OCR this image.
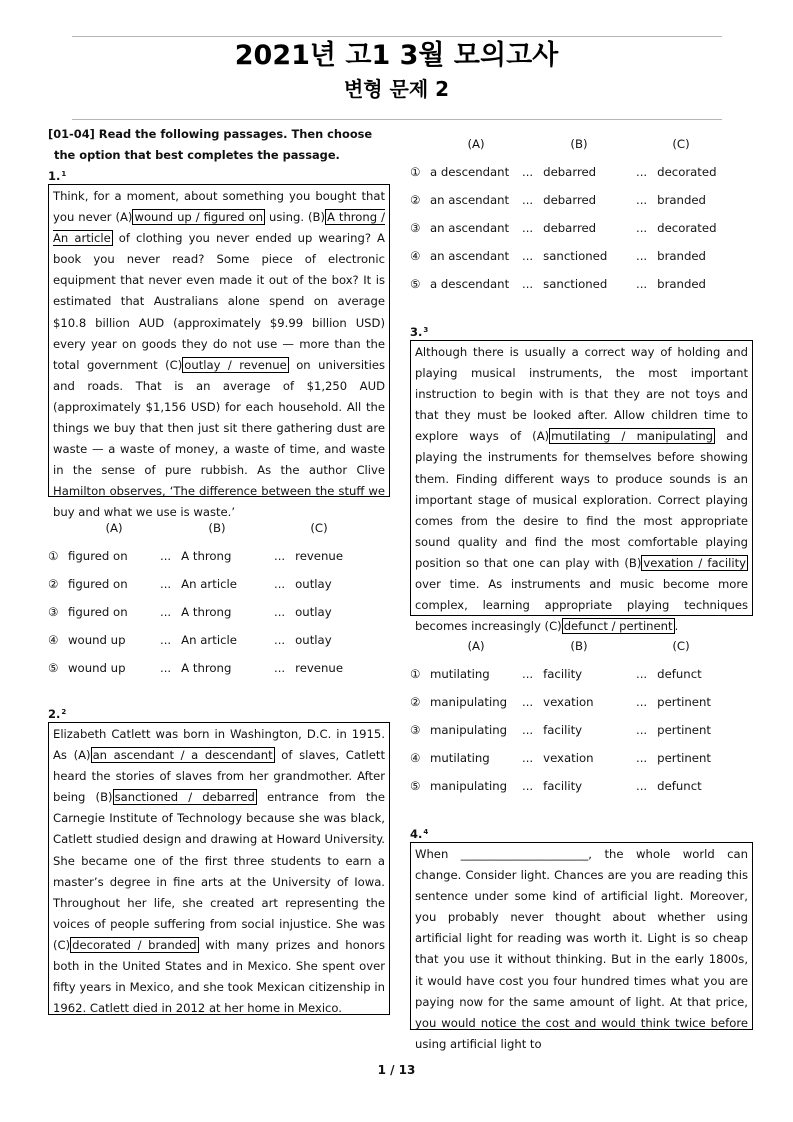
2021년 고1 3월 모의고사
변형 문제 2

[01-04] Read the following passages. Then choose the option that best completes the passage.

1.$^1$

Think, for a moment, about something you bought that you never (A) wound up / figured on using. (B) A throng / An article of clothing you never ended up wearing? A book you never read? Some piece of electronic equipment that never even made it out of the box? It is estimated that Australians alone spend on average $10.8 billion AUD (approximately $9.99 billion USD) every year on goods they do not use — more than the total government (C) outlay / revenue on universities and roads. That is an average of $1,250 AUD (approximately $1,156 USD) for each household. All the things we buy that then just sit there gathering dust are waste — a waste of money, a waste of time, and waste in the sense of pure rubbish. As the author Clive Hamilton observes, ‘The difference between the stuff we buy and what we use is waste.’
(A)	(B)	(C)
① figured on	... A throng	... revenue
② figured on	... An article	... outlay
③ figured on	... A throng	... outlay
④ wound up	... An article	... outlay
⑤ wound up	... A throng	... revenue

2.$^2$

Elizabeth Catlett was born in Washington, D.C. in 1915. As (A) an ascendant / a descendant of slaves, Catlett heard the stories of slaves from her grandmother. After being (B) sanctioned / debarred entrance from the Carnegie Institute of Technology because she was black, Catlett studied design and drawing at Howard University. She became one of the first three students to earn a master’s degree in fine arts at the University of Iowa. Throughout her life, she created art representing the voices of people suffering from social injustice. She was (C) decorated / branded with many prizes and honors both in the United States and in Mexico. She spent over fifty years in Mexico, and she took Mexican citizenship in 1962. Catlett died in 2012 at her home in Mexico.
(A)	(B)	(C)
① a descendant	... debarred	... decorated
② an ascendant	... debarred	... branded
③ an ascendant	... debarred	... decorated
④ an ascendant	... sanctioned	... branded
⑤ a descendant	... sanctioned	... branded

3.$^3$

Although there is usually a correct way of holding and playing musical instruments, the most important instruction to begin with is that they are not toys and that they must be looked after. Allow children time to explore ways of (A) mutilating / manipulating and playing the instruments for themselves before showing them. Finding different ways to produce sounds is an important stage of musical exploration. Correct playing comes from the desire to find the most appropriate sound quality and find the most comfortable playing position so that one can play with (B) vexation / facility over time. As instruments and music become more complex, learning appropriate playing techniques becomes increasingly (C) defunct / pertinent .
(A)	(B)	(C)
① mutilating	... facility	... defunct
② manipulating	... vexation	... pertinent
③ manipulating	... facility	... pertinent
④ mutilating	... vexation	... pertinent
⑤ manipulating	... facility	... defunct

4.$^4$

When ______________________, the whole world can change. Consider light. Chances are you are reading this sentence under some kind of artificial light. Moreover, you probably never thought about whether using artificial light for reading was worth it. Light is so cheap that you use it without thinking. But in the early 1800s, it would have cost you four hundred times what you are paying now for the same amount of light. At that price, you would notice the cost and would think twice before using artificial light to
1 / 13
